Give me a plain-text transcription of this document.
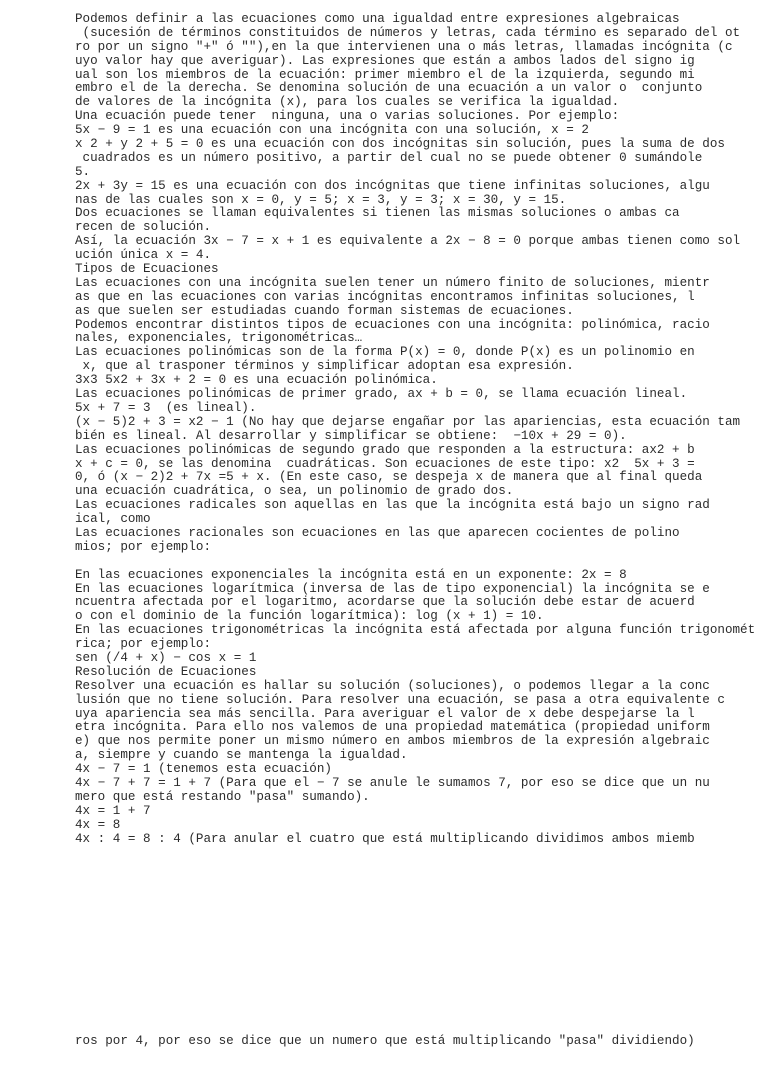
Podemos definir a las ecuaciones como una igualdad entre expresiones algebraicas
(sucesión de términos constituidos de números y letras, cada término es separado del ot
ro por un signo "+" ó ""),en la que intervienen una o más letras, llamadas incógnita (c
uyo valor hay que averiguar). Las expresiones que están a ambos lados del signo ig
ual son los miembros de la ecuación: primer miembro el de la izquierda, segundo mi
embro el de la derecha. Se denomina solución de una ecuación a un valor o  conjunto
de valores de la incógnita (x), para los cuales se verifica la igualdad.
Una ecuación puede tener  ninguna, una o varias soluciones. Por ejemplo:
5x − 9 = 1 es una ecuación con una incógnita con una solución, x = 2
x 2 + y 2 + 5 = 0 es una ecuación con dos incógnitas sin solución, pues la suma de dos
cuadrados es un número positivo, a partir del cual no se puede obtener 0 sumándole
5.
2x + 3y = 15 es una ecuación con dos incógnitas que tiene infinitas soluciones, algu
nas de las cuales son x = 0, y = 5; x = 3, y = 3; x = 30, y = 15.
Dos ecuaciones se llaman equivalentes si tienen las mismas soluciones o ambas ca
recen de solución.
Así, la ecuación 3x − 7 = x + 1 es equivalente a 2x − 8 = 0 porque ambas tienen como sol
ución única x = 4.
Tipos de Ecuaciones
Las ecuaciones con una incógnita suelen tener un número finito de soluciones, mientr
as que en las ecuaciones con varias incógnitas encontramos infinitas soluciones, l
as que suelen ser estudiadas cuando forman sistemas de ecuaciones.
Podemos encontrar distintos tipos de ecuaciones con una incógnita: polinómica, racio
nales, exponenciales, trigonométricas…
Las ecuaciones polinómicas son de la forma P(x) = 0, donde P(x) es un polinomio en
x, que al trasponer términos y simplificar adoptan esa expresión.
3x3 5x2 + 3x + 2 = 0 es una ecuación polinómica.
Las ecuaciones polinómicas de primer grado, ax + b = 0, se llama ecuación lineal.
5x + 7 = 3  (es lineal).
(x − 5)2 + 3 = x2 − 1 (No hay que dejarse engañar por las apariencias, esta ecuación tam
bién es lineal. Al desarrollar y simplificar se obtiene:  −10x + 29 = 0).
Las ecuaciones polinómicas de segundo grado que responden a la estructura: ax2 + b
x + c = 0, se las denomina  cuadráticas. Son ecuaciones de este tipo: x2  5x + 3 =
0, ó (x − 2)2 + 7x =5 + x. (En este caso, se despeja x de manera que al final queda
una ecuación cuadrática, o sea, un polinomio de grado dos.
Las ecuaciones radicales son aquellas en las que la incógnita está bajo un signo rad
ical, como
Las ecuaciones racionales son ecuaciones en las que aparecen cocientes de polino
mios; por ejemplo:
En las ecuaciones exponenciales la incógnita está en un exponente: 2x = 8
En las ecuaciones logarítmica (inversa de las de tipo exponencial) la incógnita se e
ncuentra afectada por el logaritmo, acordarse que la solución debe estar de acuerd
o con el dominio de la función logarítmica): log (x + 1) = 10.
En las ecuaciones trigonométricas la incógnita está afectada por alguna función trigonomét
rica; por ejemplo:
sen (/4 + x) − cos x = 1
Resolución de Ecuaciones
Resolver una ecuación es hallar su solución (soluciones), o podemos llegar a la conc
lusión que no tiene solución. Para resolver una ecuación, se pasa a otra equivalente c
uya apariencia sea más sencilla. Para averiguar el valor de x debe despejarse la l
etra incógnita. Para ello nos valemos de una propiedad matemática (propiedad uniform
e) que nos permite poner un mismo número en ambos miembros de la expresión algebraic
a, siempre y cuando se mantenga la igualdad.
4x − 7 = 1 (tenemos esta ecuación)
4x − 7 + 7 = 1 + 7 (Para que el − 7 se anule le sumamos 7, por eso se dice que un nu
mero que está restando "pasa" sumando).
4x = 1 + 7
4x = 8
4x : 4 = 8 : 4 (Para anular el cuatro que está multiplicando dividimos ambos miemb

ros por 4, por eso se dice que un numero que está multiplicando "pasa" dividiendo)
